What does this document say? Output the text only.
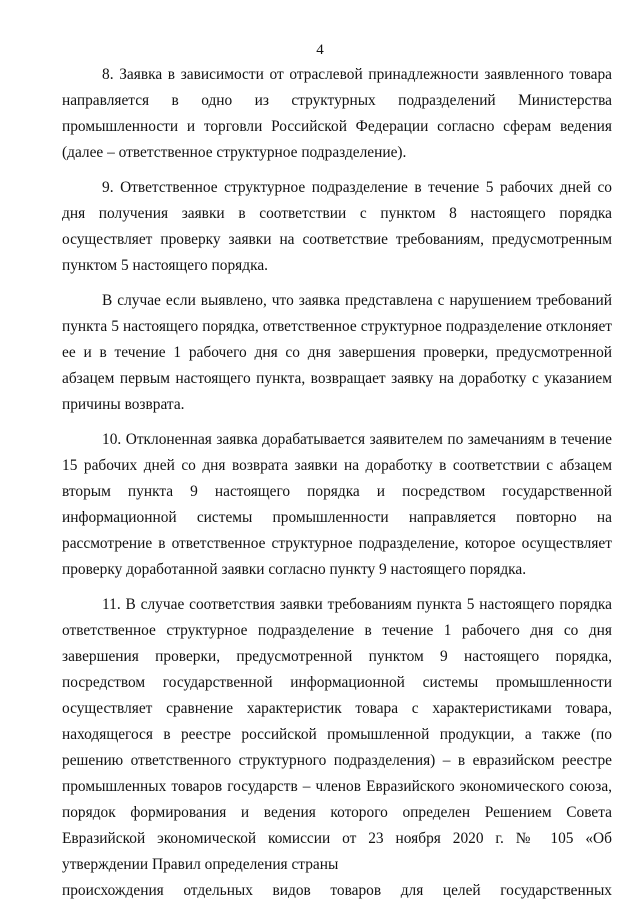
4

8. Заявка в зависимости от отраслевой принадлежности заявленного товара направляется в одно из структурных подразделений Министерства промышленности и торговли Российской Федерации согласно сферам ведения (далее – ответственное структурное подразделение).

9. Ответственное структурное подразделение в течение 5 рабочих дней со дня получения заявки в соответствии с пунктом 8 настоящего порядка осуществляет проверку заявки на соответствие требованиям, предусмотренным пунктом 5 настоящего порядка.

В случае если выявлено, что заявка представлена с нарушением требований пункта 5 настоящего порядка, ответственное структурное подразделение отклоняет ее и в течение 1 рабочего дня со дня завершения проверки, предусмотренной абзацем первым настоящего пункта, возвращает заявку на доработку с указанием причины возврата.

10. Отклоненная заявка дорабатывается заявителем по замечаниям в течение 15 рабочих дней со дня возврата заявки на доработку в соответствии с абзацем вторым пункта 9 настоящего порядка и посредством государственной информационной системы промышленности направляется повторно на рассмотрение в ответственное структурное подразделение, которое осуществляет проверку доработанной заявки согласно пункту 9 настоящего порядка.

11. В случае соответствия заявки требованиям пункта 5 настоящего порядка ответственное структурное подразделение в течение 1 рабочего дня со дня завершения проверки, предусмотренной пунктом 9 настоящего порядка, посредством государственной информационной системы промышленности осуществляет сравнение характеристик товара с характеристиками товара, находящегося в реестре российской промышленной продукции, а также (по решению ответственного структурного подразделения) – в евразийском реестре промышленных товаров государств – членов Евразийского экономического союза, порядок формирования и ведения которого определен Решением Совета Евразийской экономической комиссии от 23 ноября 2020 г. № 105 «Об утверждении Правил определения страны

происхождения отдельных видов товаров для целей государственных
